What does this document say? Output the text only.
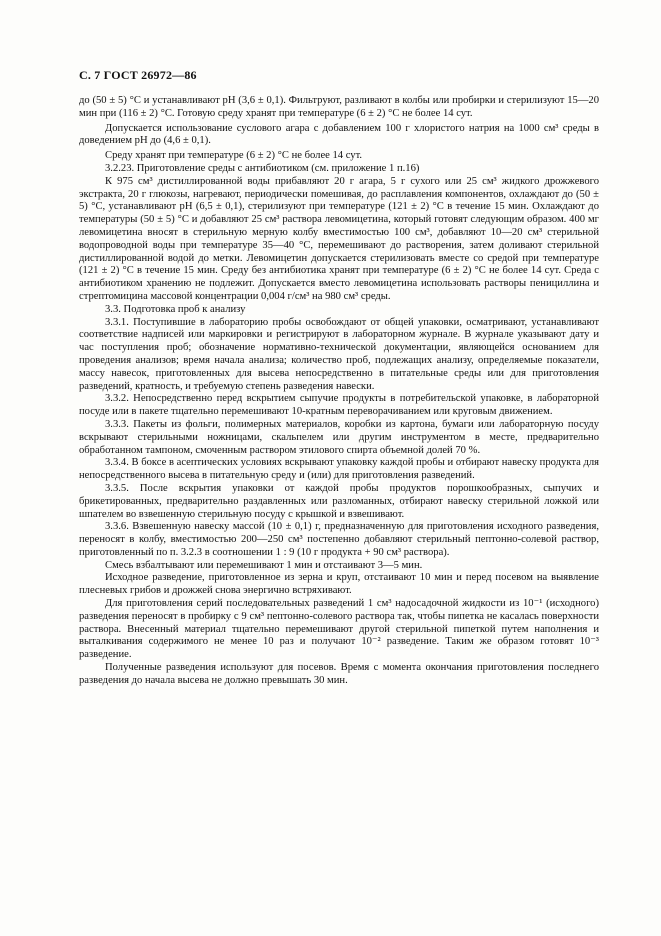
С. 7 ГОСТ 26972—86

до (50 ± 5) °С и устанавливают pH (3,6 ± 0,1). Фильтруют, разливают в колбы или пробирки и стерилизуют 15—20 мин при (116 ± 2) °С. Готовую среду хранят при температуре (6 ± 2) °С не более 14 сут.

Допускается использование суслового агара с добавлением 100 г хлористого натрия на 1000 см³ среды в доведением pH до (4,6 ± 0,1).

Среду хранят при температуре (6 ± 2) °С не более 14 сут.

3.2.23. Приготовление среды с антибиотиком (см. приложение 1 п.16)

К 975 см³ дистиллированной воды прибавляют 20 г агара, 5 г сухого или 25 см³ жидкого дрожжевого экстракта, 20 г глюкозы, нагревают, периодически помешивая, до расплавления компонентов, охлаждают до (50 ± 5) °С, устанавливают pH (6,5 ± 0,1), стерилизуют при температуре (121 ± 2) °С в течение 15 мин. Охлаждают до температуры (50 ± 5) °С и добавляют 25 см³ раствора левомицетина, который готовят следующим образом. 400 мг левомицетина вносят в стерильную мерную колбу вместимостью 100 см³, добавляют 10—20 см³ стерильной водопроводной воды при температуре 35—40 °С, перемешивают до растворения, затем доливают стерильной дистиллированной водой до метки. Левомицетин допускается стерилизовать вместе со средой при температуре (121 ± 2) °С в течение 15 мин. Среду без антибиотика хранят при температуре (6 ± 2) °С не более 14 сут. Среда с антибиотиком хранению не подлежит. Допускается вместо левомицетина использовать растворы пенициллина и стрептомицина массовой концентрации 0,004 г/см³ на 980 см³ среды.

3.3. Подготовка проб к анализу

3.3.1. Поступившие в лабораторию пробы освобождают от общей упаковки, осматривают, устанавливают соответствие надписей или маркировки и регистрируют в лабораторном журнале. В журнале указывают дату и час поступления проб; обозначение нормативно-технической документации, являющейся основанием для проведения анализов; время начала анализа; количество проб, подлежащих анализу, определяемые показатели, массу навесок, приготовленных для высева непосредственно в питательные среды или для приготовления разведений, кратность, и требуемую степень разведения навески.

3.3.2. Непосредственно перед вскрытием сыпучие продукты в потребительской упаковке, в лабораторной посуде или в пакете тщательно перемешивают 10-кратным переворачиванием или круговым движением.

3.3.3. Пакеты из фольги, полимерных материалов, коробки из картона, бумаги или лабораторную посуду вскрывают стерильными ножницами, скальпелем или другим инструментом в месте, предварительно обработанном тампоном, смоченным раствором этилового спирта объемной долей 70 %.

3.3.4. В боксе в асептических условиях вскрывают упаковку каждой пробы и отбирают навеску продукта для непосредственного высева в питательную среду и (или) для приготовления разведений.

3.3.5. После вскрытия упаковки от каждой пробы продуктов порошкообразных, сыпучих и брикетированных, предварительно раздавленных или разломанных, отбирают навеску стерильной ложкой или шпателем во взвешенную стерильную посуду с крышкой и взвешивают.

3.3.6. Взвешенную навеску массой (10 ± 0,1) г, предназначенную для приготовления исходного разведения, переносят в колбу, вместимостью 200—250 см³ постепенно добавляют стерильный пептонно-солевой раствор, приготовленный по п. 3.2.3 в соотношении 1 : 9 (10 г продукта + 90 см³ раствора).

Смесь взбалтывают или перемешивают 1 мин и отстаивают 3—5 мин.

Исходное разведение, приготовленное из зерна и круп, отстаивают 10 мин и перед посевом на выявление плесневых грибов и дрожжей снова энергично встряхивают.

Для приготовления серий последовательных разведений 1 см³ надосадочной жидкости из 10⁻¹ (исходного) разведения переносят в пробирку с 9 см³ пептонно-солевого раствора так, чтобы пипетка не касалась поверхности раствора. Внесенный материал тщательно перемешивают другой стерильной пипеткой путем наполнения и выталкивания содержимого не менее 10 раз и получают 10⁻² разведение. Таким же образом готовят 10⁻³ разведение.

Полученные разведения используют для посевов. Время с момента окончания приготовления последнего разведения до начала высева не должно превышать 30 мин.
